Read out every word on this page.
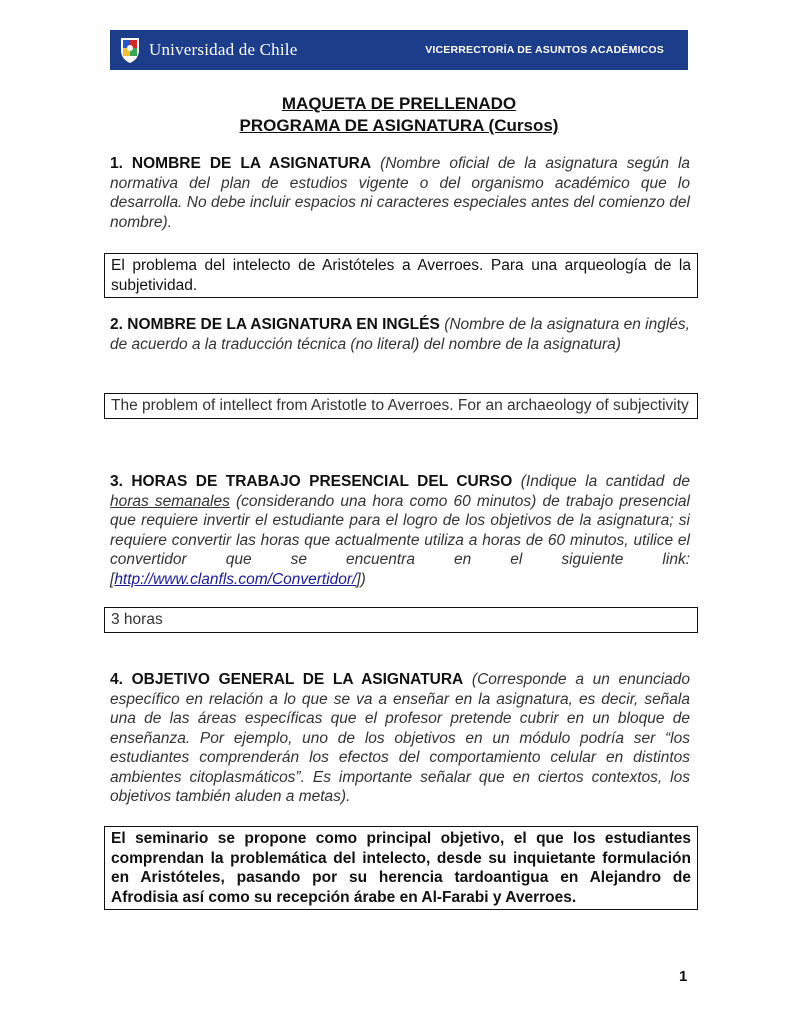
Universidad de Chile	VICERRECTORÍA DE ASUNTOS ACADÉMICOS
MAQUETA DE PRELLENADO
PROGRAMA DE ASIGNATURA (Cursos)
1. NOMBRE DE LA ASIGNATURA (Nombre oficial de la asignatura según la normativa del plan de estudios vigente o del organismo académico que lo desarrolla. No debe incluir espacios ni caracteres especiales antes del comienzo del nombre).
El problema del intelecto de Aristóteles a Averroes. Para una arqueología de la subjetividad.
2. NOMBRE DE LA ASIGNATURA EN INGLÉS (Nombre de la asignatura en inglés, de acuerdo a la traducción técnica (no literal) del nombre de la asignatura)
The problem of intellect from Aristotle to Averroes. For an archaeology of subjectivity
3. HORAS DE TRABAJO PRESENCIAL DEL CURSO (Indique la cantidad de horas semanales (considerando una hora como 60 minutos) de trabajo presencial que requiere invertir el estudiante para el logro de los objetivos de la asignatura; si requiere convertir las horas que actualmente utiliza a horas de 60 minutos, utilice el convertidor que se encuentra en el siguiente link: [http://www.clanfls.com/Convertidor/])
3 horas
4. OBJETIVO GENERAL DE LA ASIGNATURA (Corresponde a un enunciado específico en relación a lo que se va a enseñar en la asignatura, es decir, señala una de las áreas específicas que el profesor pretende cubrir en un bloque de enseñanza. Por ejemplo, uno de los objetivos en un módulo podría ser “los estudiantes comprenderán los efectos del comportamiento celular en distintos ambientes citoplasmáticos”. Es importante señalar que en ciertos contextos, los objetivos también aluden a metas).
El seminario se propone como principal objetivo, el que los estudiantes comprendan la problemática del intelecto, desde su inquietante formulación en Aristóteles, pasando por su herencia tardoantigua en Alejandro de Afrodisia así como su recepción árabe en Al-Farabi y Averroes.
1
